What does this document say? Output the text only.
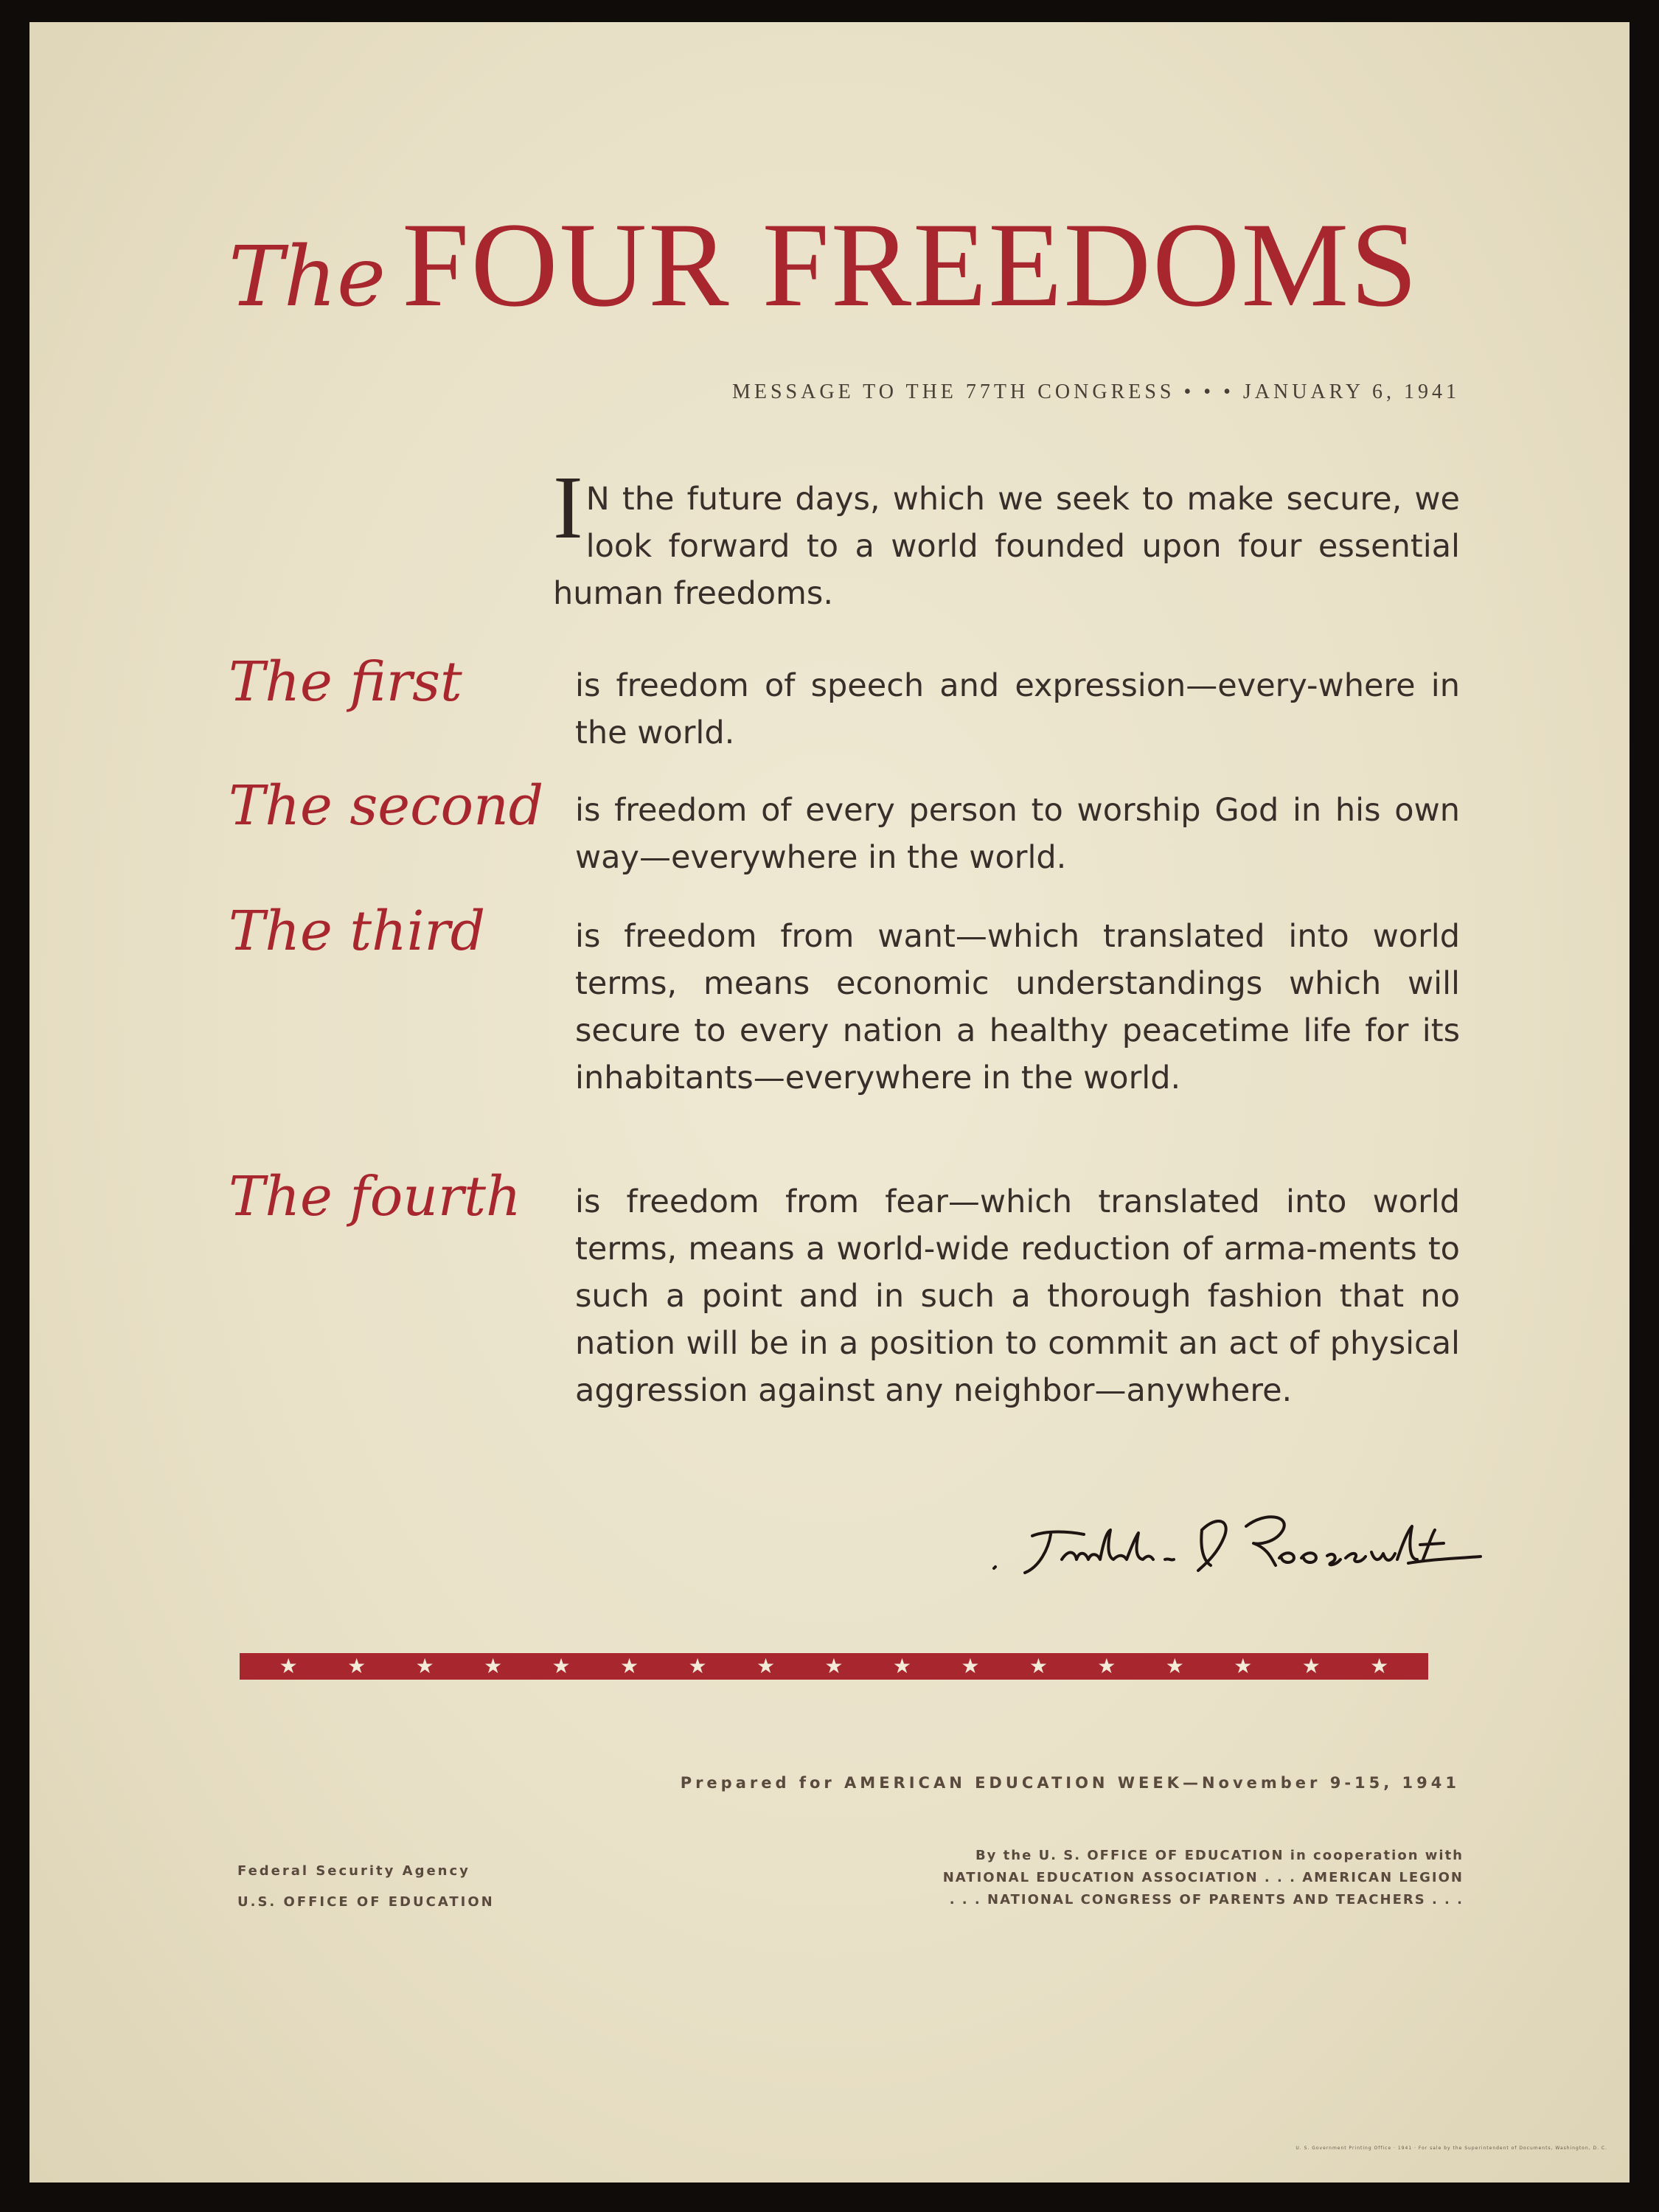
The FOUR FREEDOMS
MESSAGE TO THE 77TH CONGRESS • • • JANUARY 6, 1941
I N the future days, which we seek to make secure, we look forward to a world founded upon four essential human freedoms.
The first	is freedom of speech and expression—every-where in the world.
The second is freedom of every person to worship God in his own way—everywhere in the world.
The third	is freedom from want—which translated into world terms, means economic understandings which will secure to every nation a healthy peacetime life for its inhabitants—everywhere in the world.
The fourth is freedom from fear—which translated into world terms, means a world-wide reduction of arma-ments to such a point and in such a thorough fashion that no nation will be in a position to commit an act of physical aggression against any neighbor—anywhere.
★ ★ ★ ★ ★ ★ ★ ★ ★ ★ ★ ★ ★ ★ ★ ★ ★
Prepared for AMERICAN EDUCATION WEEK—November 9-15, 1941
Federal Security Agency
U.S. OFFICE OF EDUCATION
By the U. S. OFFICE OF EDUCATION in cooperation with
NATIONAL EDUCATION ASSOCIATION . . . AMERICAN LEGION
. . . NATIONAL CONGRESS OF PARENTS AND TEACHERS . . .
U. S. Government Printing Office · 1941 · For sale by the Superintendent of Documents, Washington, D. C.
